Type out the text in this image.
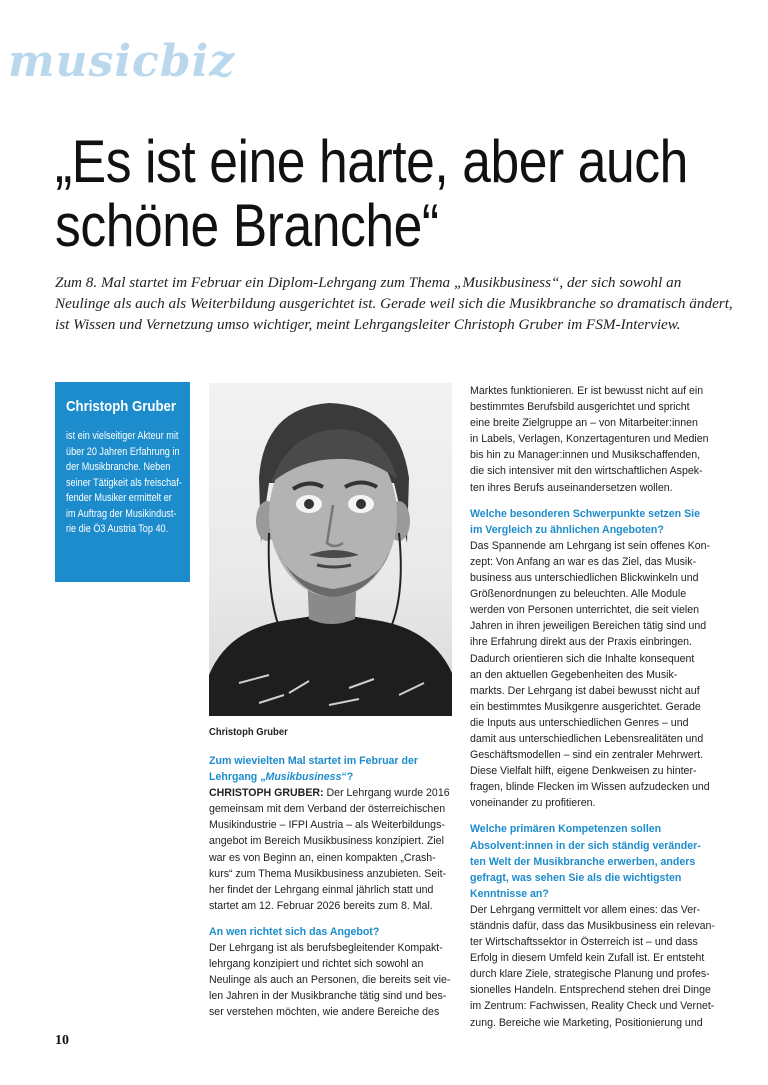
musicbiz
„Es ist eine harte, aber auch
schöne Branche“
Zum 8. Mal startet im Februar ein Diplom-Lehrgang zum Thema „Musikbusiness“, der sich sowohl an
Neulinge als auch als Weiterbildung ausgerichtet ist. Gerade weil sich die Musikbranche so dramatisch ändert,
ist Wissen und Vernetzung umso wichtiger, meint Lehrgangsleiter Christoph Gruber im FSM-Interview.
Christoph Gruber
ist ein vielseitiger Akteur mit
über 20 Jahren Erfahrung in
der Musikbranche. Neben
seiner Tätigkeit als freischaf-
fender Musiker ermittelt er
im Auftrag der Musikindust-
rie die Ö3 Austria Top 40.
Christoph Gruber
Zum wievielten Mal startet im Februar der
Lehrgang „Musikbusiness“?
CHRISTOPH GRUBER: Der Lehrgang wurde 2016
gemeinsam mit dem Verband der österreichischen
Musikindustrie – IFPI Austria – als Weiterbildungs-
angebot im Bereich Musikbusiness konzipiert. Ziel
war es von Beginn an, einen kompakten „Crash-
kurs“ zum Thema Musikbusiness anzubieten. Seit-
her findet der Lehrgang einmal jährlich statt und
startet am 12. Februar 2026 bereits zum 8. Mal.
An wen richtet sich das Angebot?
Der Lehrgang ist als berufsbegleitender Kompakt-
lehrgang konzipiert und richtet sich sowohl an
Neulinge als auch an Personen, die bereits seit vie-
len Jahren in der Musikbranche tätig sind und bes-
ser verstehen möchten, wie andere Bereiche des
Marktes funktionieren. Er ist bewusst nicht auf ein
bestimmtes Berufsbild ausgerichtet und spricht
eine breite Zielgruppe an – von Mitarbeiter:innen
in Labels, Verlagen, Konzertagenturen und Medien
bis hin zu Manager:innen und Musikschaffenden,
die sich intensiver mit den wirtschaftlichen Aspek-
ten ihres Berufs auseinandersetzen wollen.
Welche besonderen Schwerpunkte setzen Sie
im Vergleich zu ähnlichen Angeboten?
Das Spannende am Lehrgang ist sein offenes Kon-
zept: Von Anfang an war es das Ziel, das Musik-
business aus unterschiedlichen Blickwinkeln und
Größenordnungen zu beleuchten. Alle Module
werden von Personen unterrichtet, die seit vielen
Jahren in ihren jeweiligen Bereichen tätig sind und
ihre Erfahrung direkt aus der Praxis einbringen.
Dadurch orientieren sich die Inhalte konsequent
an den aktuellen Gegebenheiten des Musik-
markts. Der Lehrgang ist dabei bewusst nicht auf
ein bestimmtes Musikgenre ausgerichtet. Gerade
die Inputs aus unterschiedlichen Genres – und
damit aus unterschiedlichen Lebensrealitäten und
Geschäftsmodellen – sind ein zentraler Mehrwert.
Diese Vielfalt hilft, eigene Denkweisen zu hinter-
fragen, blinde Flecken im Wissen aufzudecken und
voneinander zu profitieren.
Welche primären Kompetenzen sollen
Absolvent:innen in der sich ständig veränder-
ten Welt der Musikbranche erwerben, anders
gefragt, was sehen Sie als die wichtigsten
Kenntnisse an?
Der Lehrgang vermittelt vor allem eines: das Ver-
ständnis dafür, dass das Musikbusiness ein relevan-
ter Wirtschaftssektor in Österreich ist – und dass
Erfolg in diesem Umfeld kein Zufall ist. Er entsteht
durch klare Ziele, strategische Planung und profes-
sionelles Handeln. Entsprechend stehen drei Dinge
im Zentrum: Fachwissen, Reality Check und Vernet-
zung. Bereiche wie Marketing, Positionierung und
10
